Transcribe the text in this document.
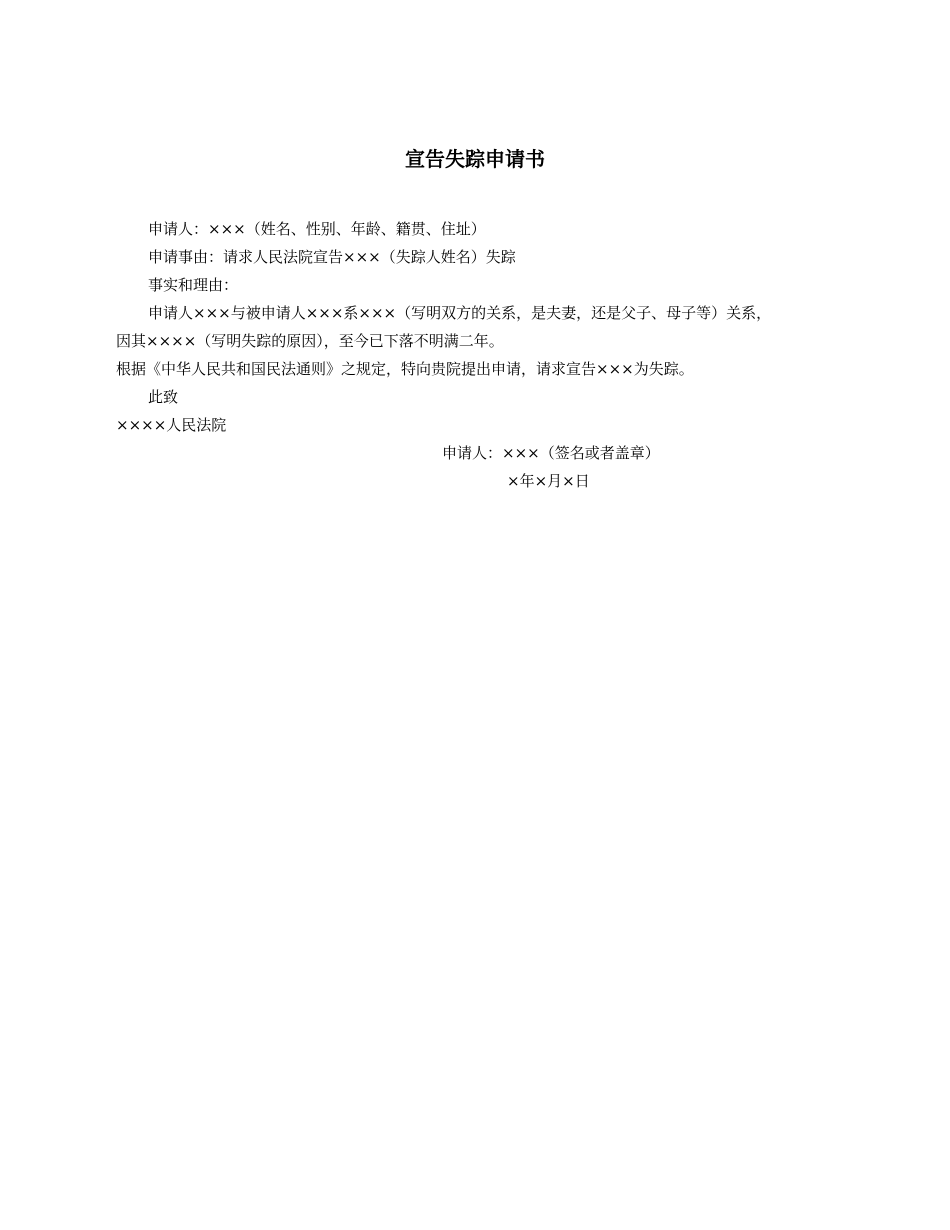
宣告失踪申请书

申请人：×××（姓名、性别、年龄、籍贯、住址）

申请事由：请求人民法院宣告×××（失踪人姓名）失踪

事实和理由：

申请人×××与被申请人×××系×××（写明双方的关系，是夫妻，还是父子、母子等）关系，

因其××××（写明失踪的原因），至今已下落不明满二年。

根据《中华人民共和国民法通则》之规定，特向贵院提出申请，请求宣告×××为失踪。

此致

××××人民法院

申请人：×××（签名或者盖章）

×年×月×日
